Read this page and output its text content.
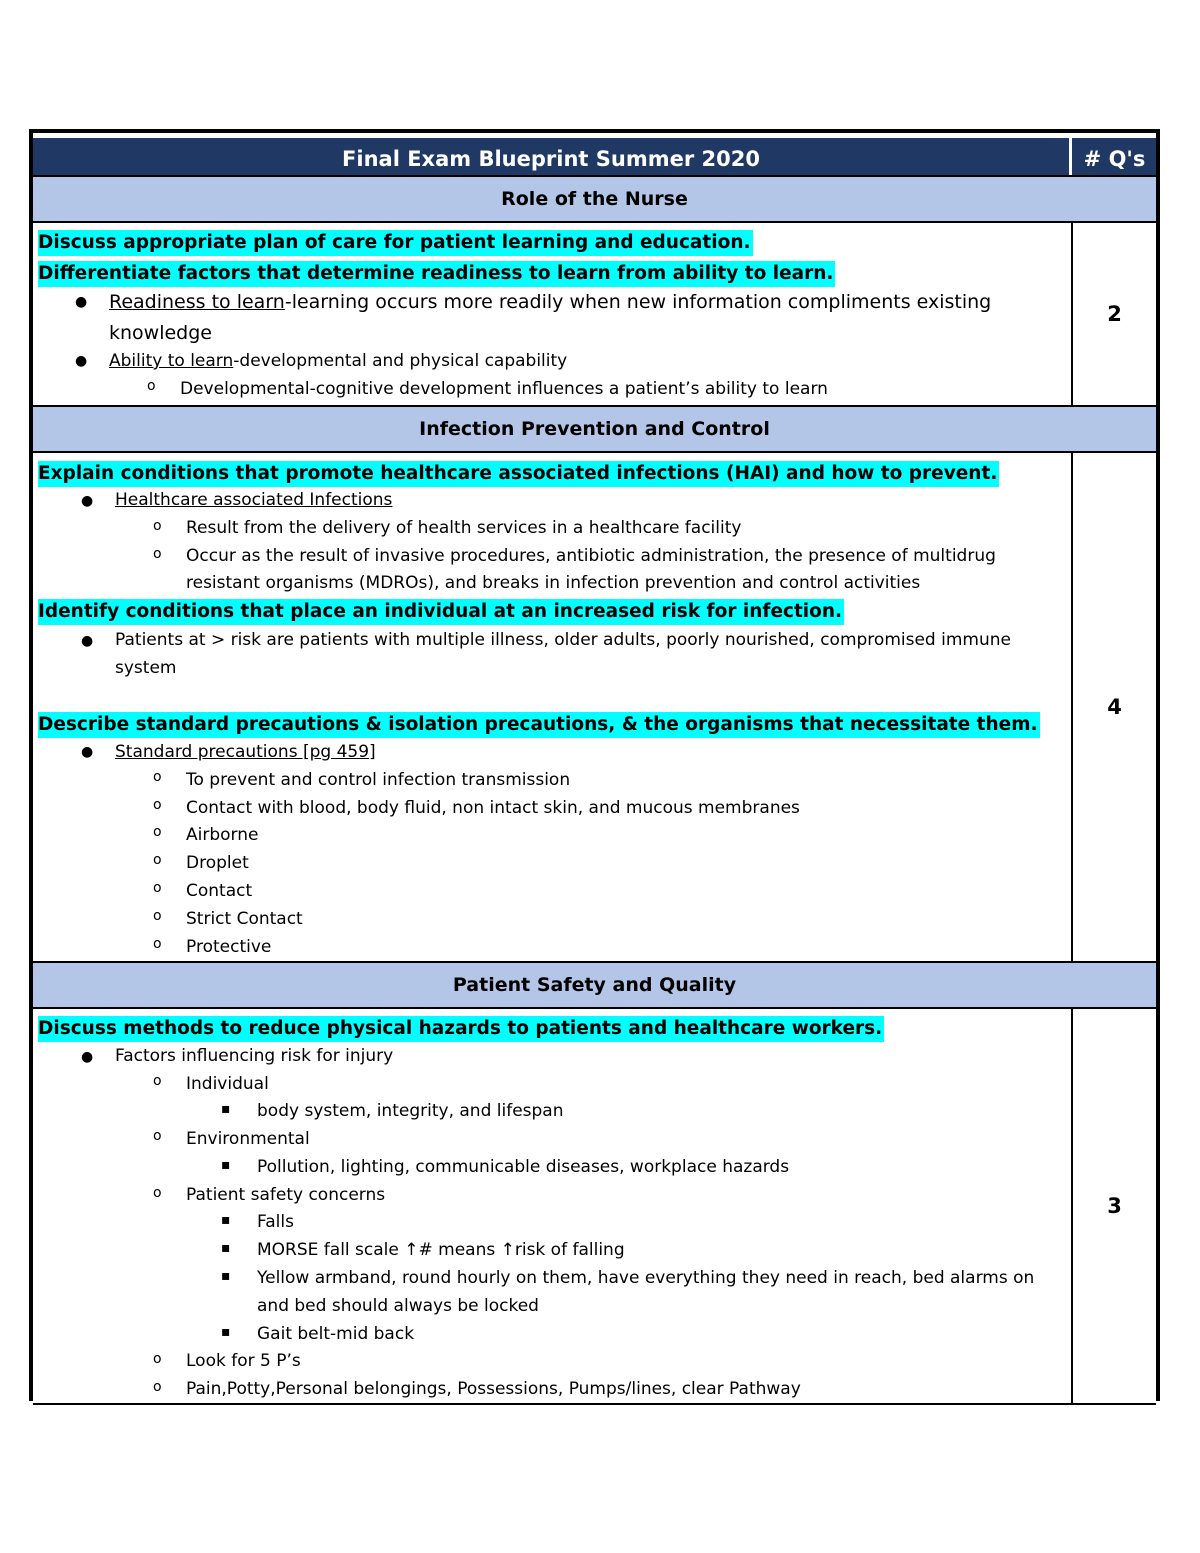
Final Exam Blueprint Summer 2020	# Q's
Role of the Nurse
Discuss appropriate plan of care for patient learning and education.
Differentiate factors that determine readiness to learn from ability to learn.
● Readiness to learn-learning occurs more readily when new information compliments existing
knowledge
● Ability to learn-developmental and physical capability
o Developmental-cognitive development influences a patient’s ability to learn
2
Infection Prevention and Control
Explain conditions that promote healthcare associated infections (HAI) and how to prevent.
● Healthcare associated Infections
o Result from the delivery of health services in a healthcare facility
o Occur as the result of invasive procedures, antibiotic administration, the presence of multidrug
resistant organisms (MDROs), and breaks in infection prevention and control activities
Identify conditions that place an individual at an increased risk for infection.
● Patients at > risk are patients with multiple illness, older adults, poorly nourished, compromised immune
system
Describe standard precautions & isolation precautions, & the organisms that necessitate them.
● Standard precautions [pg 459]
o To prevent and control infection transmission
o Contact with blood, body fluid, non intact skin, and mucous membranes
o Airborne
o Droplet
o Contact
o Strict Contact
o Protective
4
Patient Safety and Quality
Discuss methods to reduce physical hazards to patients and healthcare workers.
● Factors influencing risk for injury
o Individual
▪ body system, integrity, and lifespan
o Environmental
▪ Pollution, lighting, communicable diseases, workplace hazards
o Patient safety concerns
▪ Falls
▪ MORSE fall scale ↑# means ↑risk of falling
▪ Yellow armband, round hourly on them, have everything they need in reach, bed alarms on
and bed should always be locked
▪ Gait belt-mid back
o Look for 5 P’s
o Pain,Potty,Personal belongings, Possessions, Pumps/lines, clear Pathway
3
